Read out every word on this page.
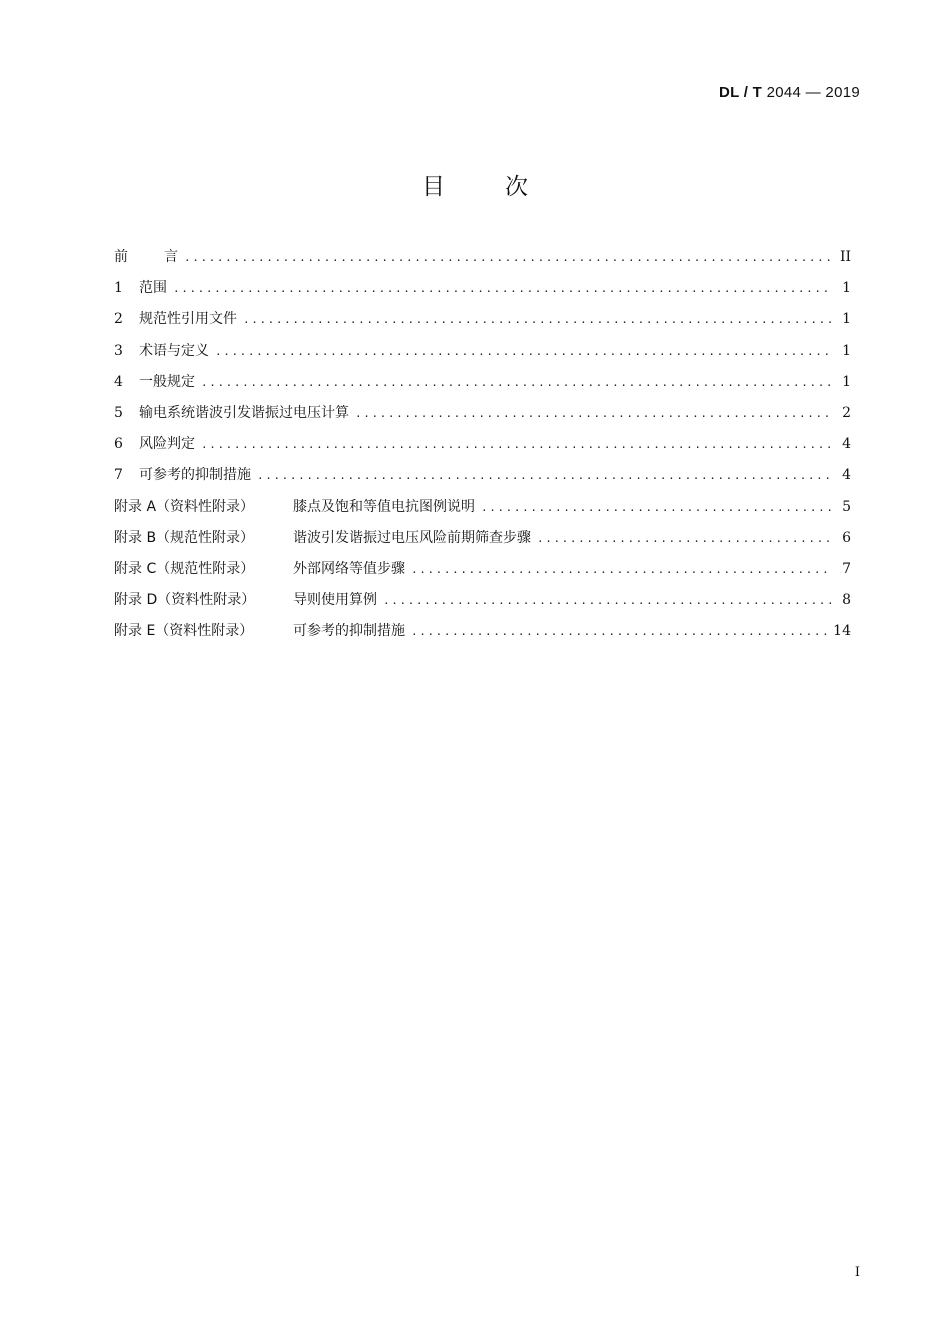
DL / T 2044 — 2019
目	次
前	言 .....	II
1 范围 .....	1
2 规范性引用文件 .....	1
3 术语与定义 .....	1
4 一般规定 .....	1
5 输电系统谐波引发谐振过电压计算 .....	2
6 风险判定 .....	4
7 可参考的抑制措施 .....	4
附录 A（资料性附录）	膝点及饱和等值电抗图例说明 .....	5
附录 B（规范性附录）	谐波引发谐振过电压风险前期筛查步骤 .....	6
附录 C（规范性附录）	外部网络等值步骤 .....	7
附录 D（资料性附录）	导则使用算例 .....	8
附录 E（资料性附录）	可参考的抑制措施 .....	14
I
